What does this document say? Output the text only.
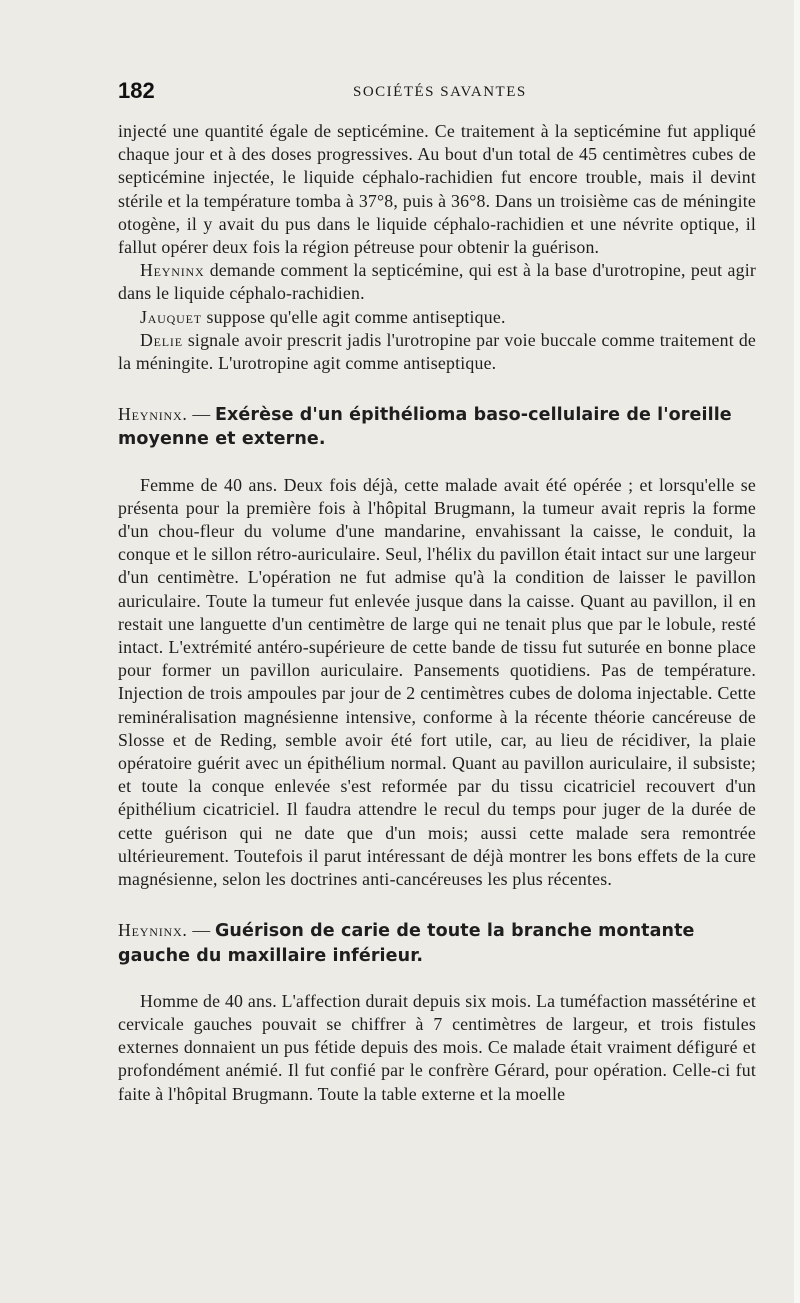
182	SOCIÉTÉS SAVANTES

injecté une quantité égale de septicémine. Ce traitement à la septicémine fut appliqué chaque jour et à des doses progressives. Au bout d'un total de 45 centimètres cubes de septicémine injectée, le liquide céphalo-rachidien fut encore trouble, mais il devint stérile et la température tomba à 37°8, puis à 36°8. Dans un troisième cas de méningite otogène, il y avait du pus dans le liquide céphalo-rachidien et une névrite optique, il fallut opérer deux fois la région pétreuse pour obtenir la guérison.

Heyninx demande comment la septicémine, qui est à la base d'urotropine, peut agir dans le liquide céphalo-rachidien.

Jauquet suppose qu'elle agit comme antiseptique.

Delie signale avoir prescrit jadis l'urotropine par voie buccale comme traitement de la méningite. L'urotropine agit comme antiseptique.

Heyninx. — Exérèse d'un épithélioma baso-cellulaire de l'oreille moyenne et externe.

Femme de 40 ans. Deux fois déjà, cette malade avait été opérée ; et lorsqu'elle se présenta pour la première fois à l'hôpital Brugmann, la tumeur avait repris la forme d'un chou-fleur du volume d'une mandarine, envahissant la caisse, le conduit, la conque et le sillon rétro-auriculaire. Seul, l'hélix du pavillon était intact sur une largeur d'un centimètre. L'opération ne fut admise qu'à la condition de laisser le pavillon auriculaire. Toute la tumeur fut enlevée jusque dans la caisse. Quant au pavillon, il en restait une languette d'un centimètre de large qui ne tenait plus que par le lobule, resté intact. L'extrémité antéro-supérieure de cette bande de tissu fut suturée en bonne place pour former un pavillon auriculaire. Pansements quotidiens. Pas de température. Injection de trois ampoules par jour de 2 centimètres cubes de doloma injectable. Cette reminéralisation magnésienne intensive, conforme à la récente théorie cancéreuse de Slosse et de Reding, semble avoir été fort utile, car, au lieu de récidiver, la plaie opératoire guérit avec un épithélium normal. Quant au pavillon auriculaire, il subsiste; et toute la conque enlevée s'est reformée par du tissu cicatriciel recouvert d'un épithélium cicatriciel. Il faudra attendre le recul du temps pour juger de la durée de cette guérison qui ne date que d'un mois; aussi cette malade sera remontrée ultérieurement. Toutefois il parut intéressant de déjà montrer les bons effets de la cure magnésienne, selon les doctrines anti-cancéreuses les plus récentes.

Heyninx. — Guérison de carie de toute la branche montante gauche du maxillaire inférieur.

Homme de 40 ans. L'affection durait depuis six mois. La tuméfaction massétérine et cervicale gauches pouvait se chiffrer à 7 centimètres de largeur, et trois fistules externes donnaient un pus fétide depuis des mois. Ce malade était vraiment défiguré et profondément anémié. Il fut confié par le confrère Gérard, pour opération. Celle-ci fut faite à l'hôpital Brugmann. Toute la table externe et la moelle
